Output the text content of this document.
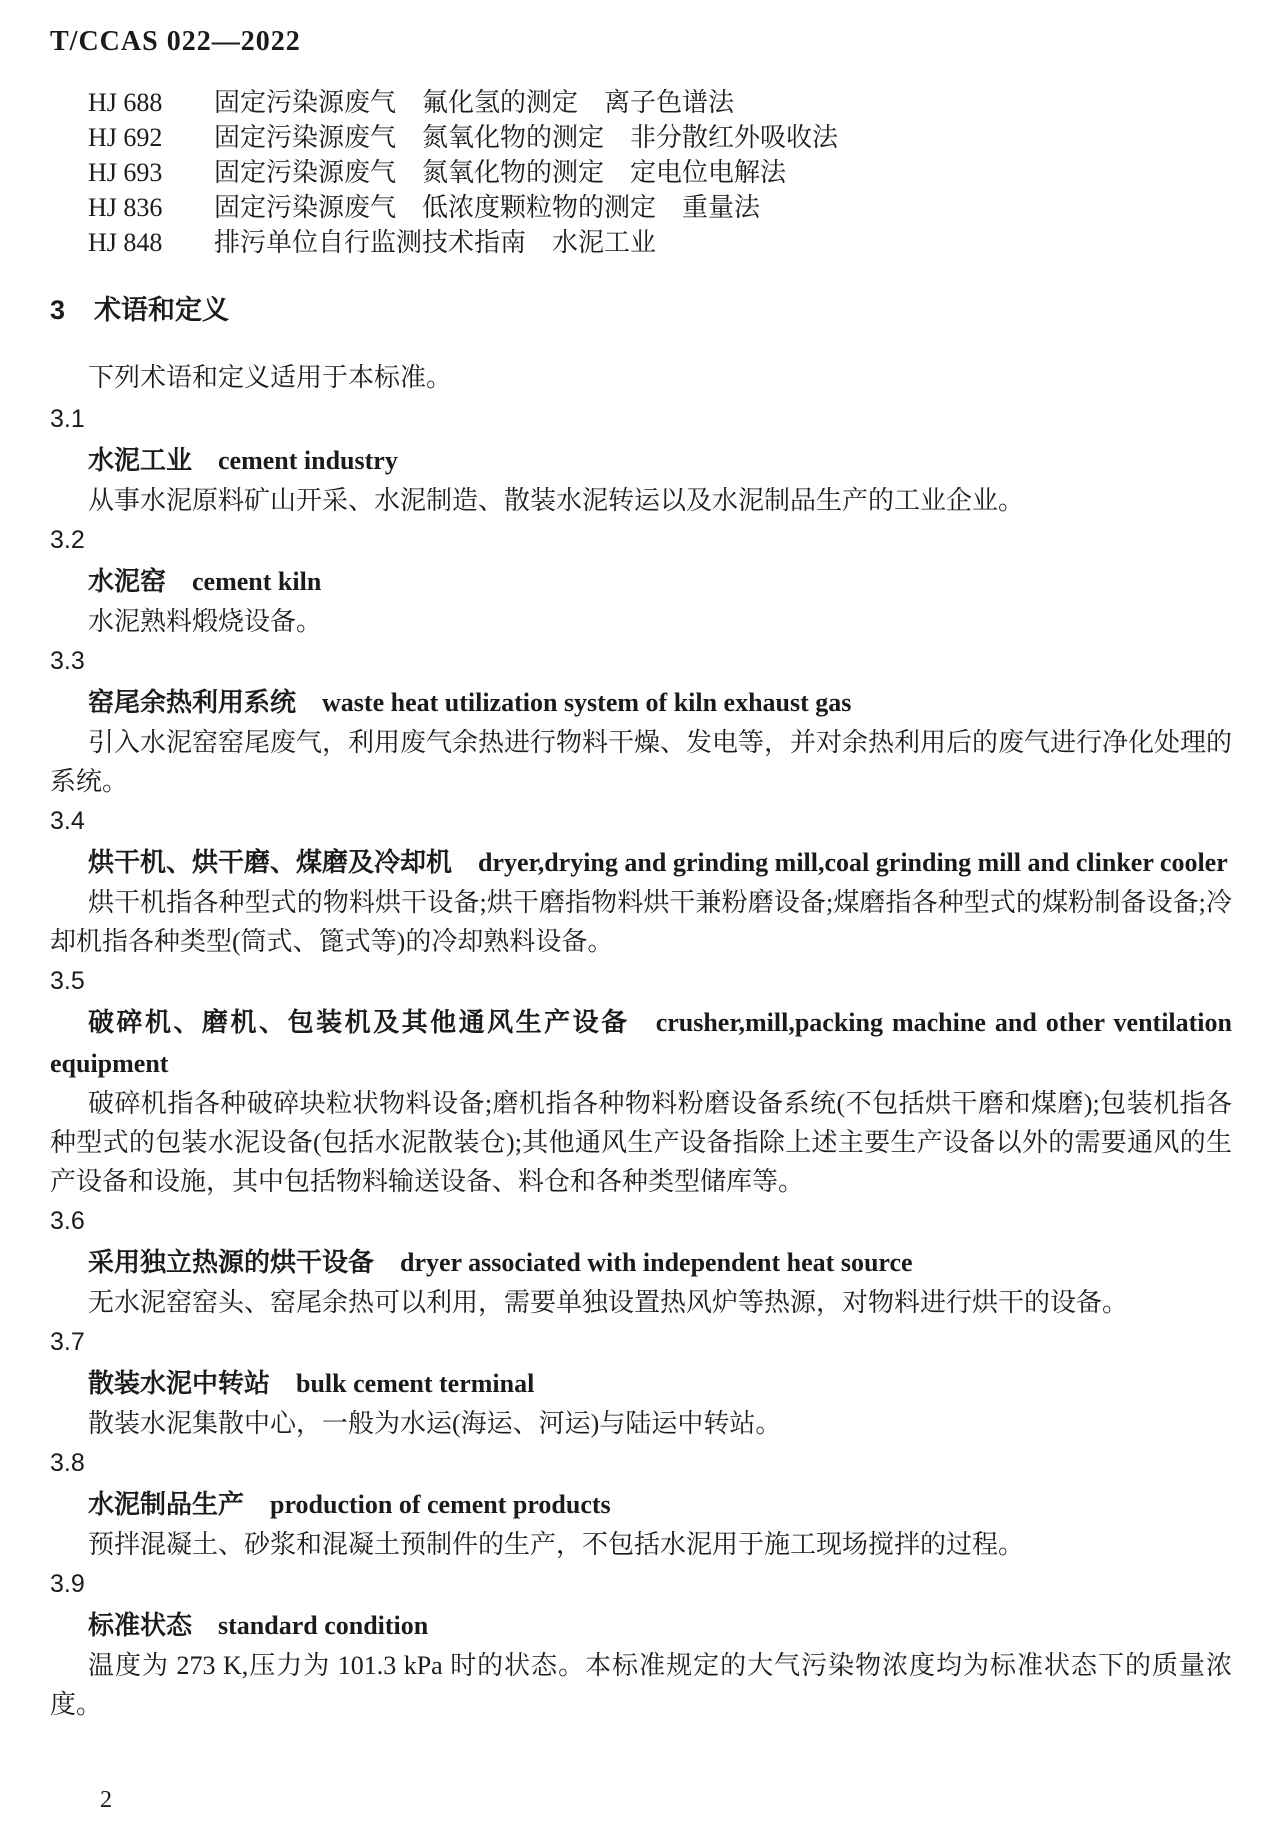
T/CCAS 022—2022
HJ 688	固定污染源废气　氟化氢的测定　离子色谱法
HJ 692	固定污染源废气　氮氧化物的测定　非分散红外吸收法
HJ 693	固定污染源废气　氮氧化物的测定　定电位电解法
HJ 836	固定污染源废气　低浓度颗粒物的测定　重量法
HJ 848	排污单位自行监测技术指南　水泥工业
3	术语和定义
下列术语和定义适用于本标准。
3.1
水泥工业 cement industry
从事水泥原料矿山开采、水泥制造、散装水泥转运以及水泥制品生产的工业企业。
3.2
水泥窑 cement kiln
水泥熟料煅烧设备。
3.3
窑尾余热利用系统 waste heat utilization system of kiln exhaust gas
引入水泥窑窑尾废气，利用废气余热进行物料干燥、发电等，并对余热利用后的废气进行净化处理的系统。
3.4
烘干机、烘干磨、煤磨及冷却机 dryer,drying and grinding mill,coal grinding mill and clinker cooler
烘干机指各种型式的物料烘干设备;烘干磨指物料烘干兼粉磨设备;煤磨指各种型式的煤粉制备设备;冷却机指各种类型(筒式、篦式等)的冷却熟料设备。
3.5
破碎机、磨机、包装机及其他通风生产设备 crusher,mill,packing machine and other ventilation equipment
破碎机指各种破碎块粒状物料设备;磨机指各种物料粉磨设备系统(不包括烘干磨和煤磨);包装机指各种型式的包装水泥设备(包括水泥散装仓);其他通风生产设备指除上述主要生产设备以外的需要通风的生产设备和设施，其中包括物料输送设备、料仓和各种类型储库等。
3.6
采用独立热源的烘干设备 dryer associated with independent heat source
无水泥窑窑头、窑尾余热可以利用，需要单独设置热风炉等热源，对物料进行烘干的设备。
3.7
散装水泥中转站 bulk cement terminal
散装水泥集散中心，一般为水运(海运、河运)与陆运中转站。
3.8
水泥制品生产 production of cement products
预拌混凝土、砂浆和混凝土预制件的生产，不包括水泥用于施工现场搅拌的过程。
3.9
标准状态 standard condition
温度为 273 K,压力为 101.3 kPa 时的状态。本标准规定的大气污染物浓度均为标准状态下的质量浓度。
2
